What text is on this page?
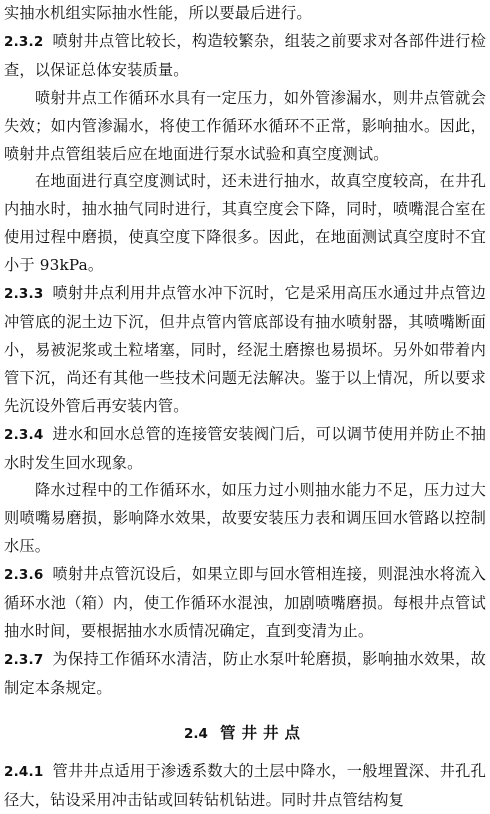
实抽水机组实际抽水性能，所以要最后进行。

2.3.2 喷射井点管比较长，构造较繁杂，组装之前要求对各部件进行检查，以保证总体安装质量。

喷射井点工作循环水具有一定压力，如外管渗漏水，则井点管就会失效；如内管渗漏水，将使工作循环水循环不正常，影响抽水。因此，喷射井点管组装后应在地面进行泵水试验和真空度测试。

在地面进行真空度测试时，还未进行抽水，故真空度较高，在井孔内抽水时，抽水抽气同时进行，其真空度会下降，同时，喷嘴混合室在使用过程中磨损，使真空度下降很多。因此，在地面测试真空度时不宜小于 93kPa。

2.3.3 喷射井点利用井点管水冲下沉时，它是采用高压水通过井点管边冲管底的泥土边下沉，但井点管内管底部设有抽水喷射器，其喷嘴断面小，易被泥浆或土粒堵塞，同时，经泥土磨擦也易损坏。另外如带着内管下沉，尚还有其他一些技术问题无法解决。鉴于以上情况，所以要求先沉设外管后再安装内管。

2.3.4 进水和回水总管的连接管安装阀门后，可以调节使用并防止不抽水时发生回水现象。

降水过程中的工作循环水，如压力过小则抽水能力不足，压力过大则喷嘴易磨损，影响降水效果，故要安装压力表和调压回水管路以控制水压。

2.3.6 喷射井点管沉设后，如果立即与回水管相连接，则混浊水将流入循环水池（箱）内，使工作循环水混浊，加剧喷嘴磨损。每根井点管试抽水时间，要根据抽水水质情况确定，直到变清为止。

2.3.7 为保持工作循环水清洁，防止水泵叶轮磨损，影响抽水效果，故制定本条规定。

2.4 管井井点

2.4.1 管井井点适用于渗透系数大的土层中降水，一般埋置深、井孔孔径大，钻设采用冲击钻或回转钻机钻进。同时井点管结构复
